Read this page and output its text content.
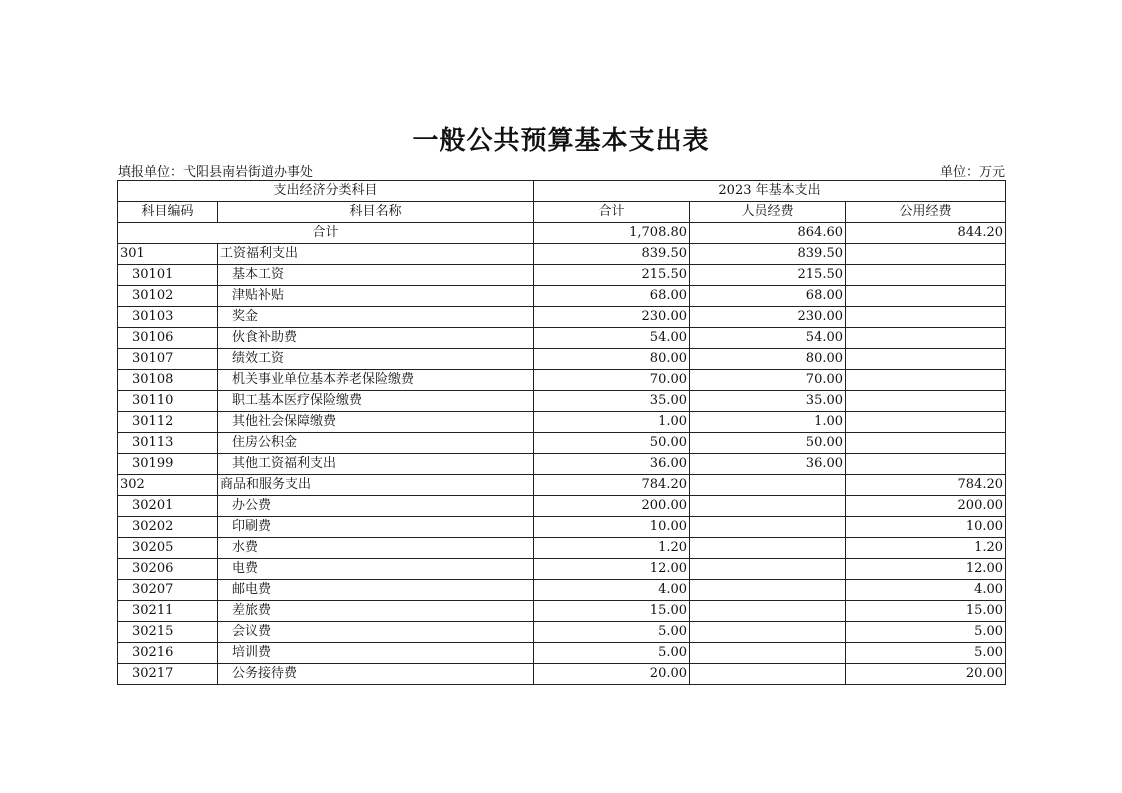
一般公共预算基本支出表
填报单位：弋阳县南岩街道办事处	单位：万元
支出经济分类科目		2023 年基本支出		
科目编码	科目名称	合计	人员经费	公用经费
合计		1,708.80	864.60	844.20
301	工资福利支出	839.50	839.50	
30101	基本工资	215.50	215.50	
30102	津贴补贴	68.00	68.00	
30103	奖金	230.00	230.00	
30106	伙食补助费	54.00	54.00	
30107	绩效工资	80.00	80.00	
30108	机关事业单位基本养老保险缴费	70.00	70.00	
30110	职工基本医疗保险缴费	35.00	35.00	
30112	其他社会保障缴费	1.00	1.00	
30113	住房公积金	50.00	50.00	
30199	其他工资福利支出	36.00	36.00	
302	商品和服务支出	784.20		784.20
30201	办公费	200.00		200.00
30202	印刷费	10.00		10.00
30205	水费	1.20		1.20
30206	电费	12.00		12.00
30207	邮电费	4.00		4.00
30211	差旅费	15.00		15.00
30215	会议费	5.00		5.00
30216	培训费	5.00		5.00
30217	公务接待费	20.00		20.00
